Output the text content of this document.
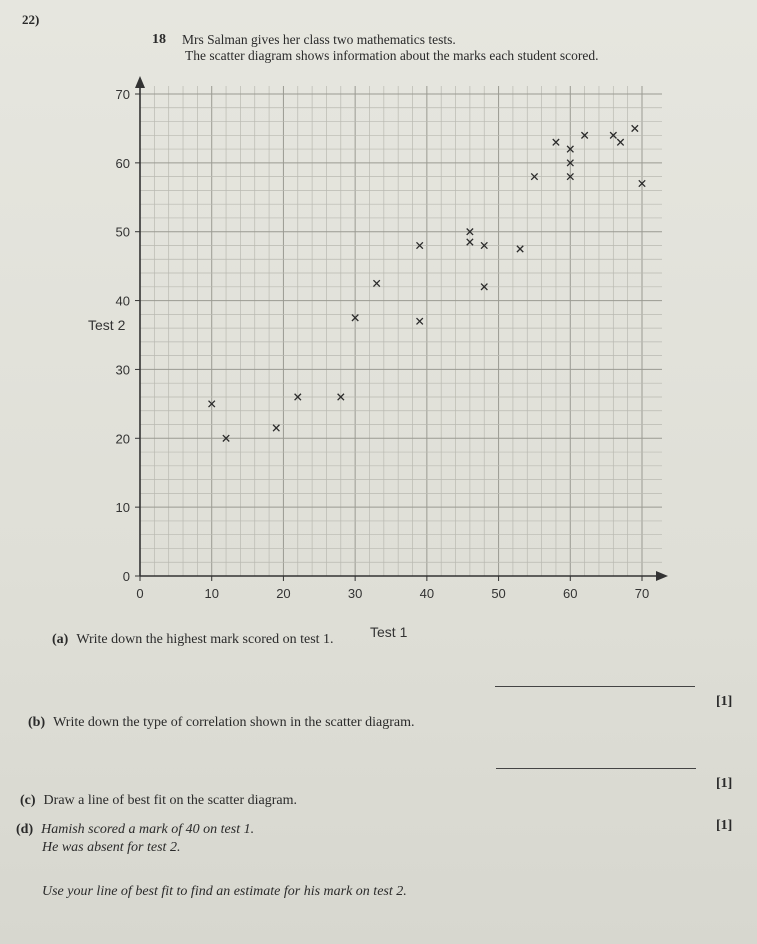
22)
18 Mrs Salman gives her class two mathematics tests.
The scatter diagram shows information about the marks each student scored.
0	10	20	30	40	50	60	70
0
10
20
30
40
50
60
70
Test 2
Test 1
(a) Write down the highest mark scored on test 1.
[1]
(b) Write down the type of correlation shown in the scatter diagram.
[1]
(c) Draw a line of best fit on the scatter diagram.
[1]
(d) Hamish scored a mark of 40 on test 1.
He was absent for test 2.
Use your line of best fit to find an estimate for his mark on test 2.
